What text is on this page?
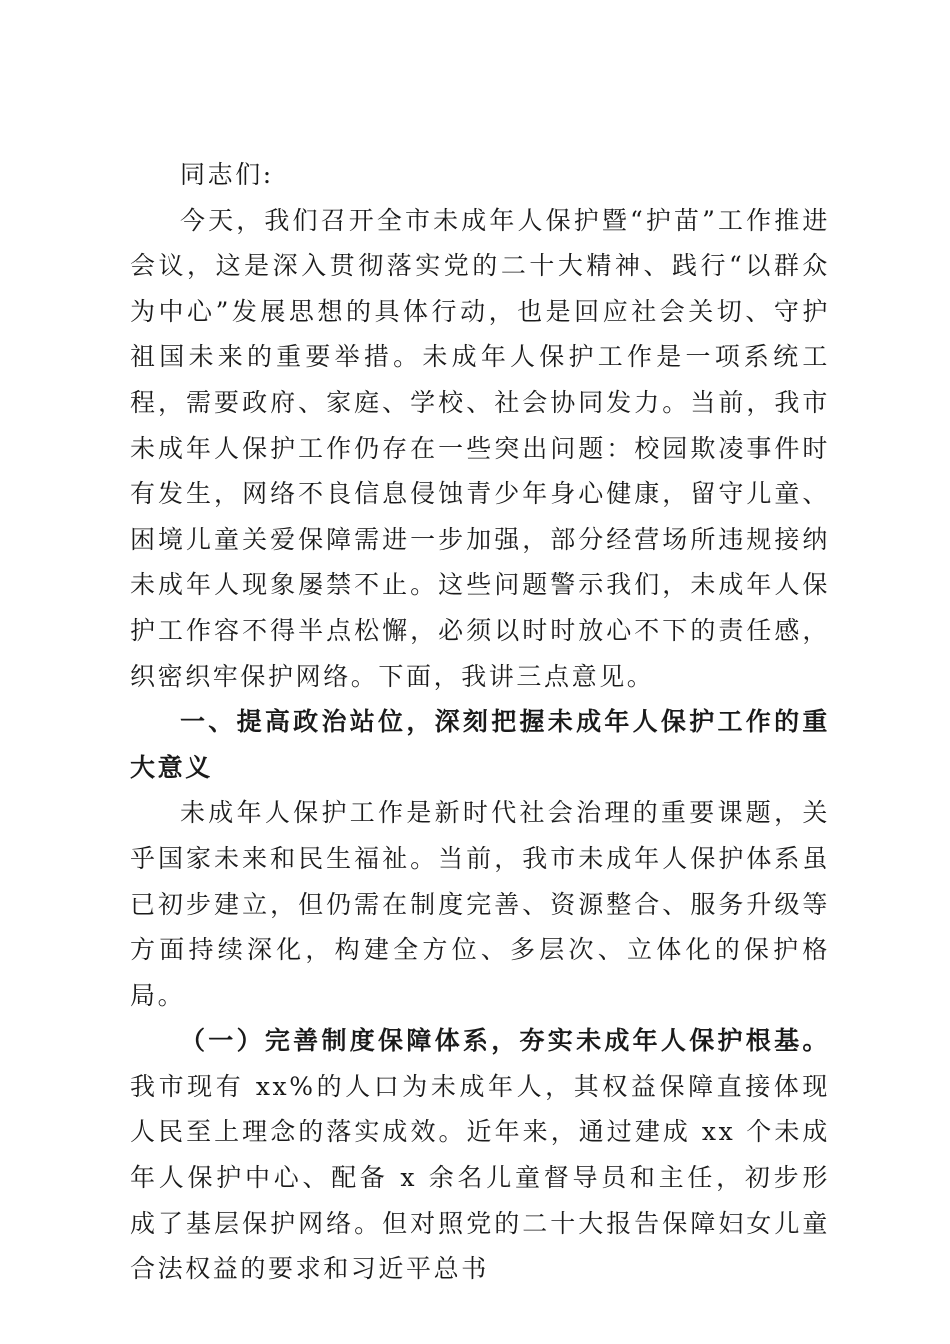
同志们:

今天，我们召开全市未成年人保护暨“护苗”工作推进会议，这是深入贯彻落实党的二十大精神、践行“以群众为中心”发展思想的具体行动，也是回应社会关切、守护祖国未来的重要举措。未成年人保护工作是一项系统工程，需要政府、家庭、学校、社会协同发力。当前，我市未成年人保护工作仍存在一些突出问题：校园欺凌事件时有发生，网络不良信息侵蚀青少年身心健康，留守儿童、困境儿童关爱保障需进一步加强，部分经营场所违规接纳未成年人现象屡禁不止。这些问题警示我们，未成年人保护工作容不得半点松懈，必须以时时放心不下的责任感，织密织牢保护网络。下面，我讲三点意见。

一、提高政治站位，深刻把握未成年人保护工作的重大意义

未成年人保护工作是新时代社会治理的重要课题，关乎国家未来和民生福祉。当前，我市未成年人保护体系虽已初步建立，但仍需在制度完善、资源整合、服务升级等方面持续深化，构建全方位、多层次、立体化的保护格局。

（一）完善制度保障体系，夯实未成年人保护根基。我市现有 xx%的人口为未成年人，其权益保障直接体现人民至上理念的落实成效。近年来，通过建成 xx 个未成年人保护中心、配备 x 余名儿童督导员和主任，初步形成了基层保护网络。但对照党的二十大报告保障妇女儿童合法权益的要求和习近平总书
